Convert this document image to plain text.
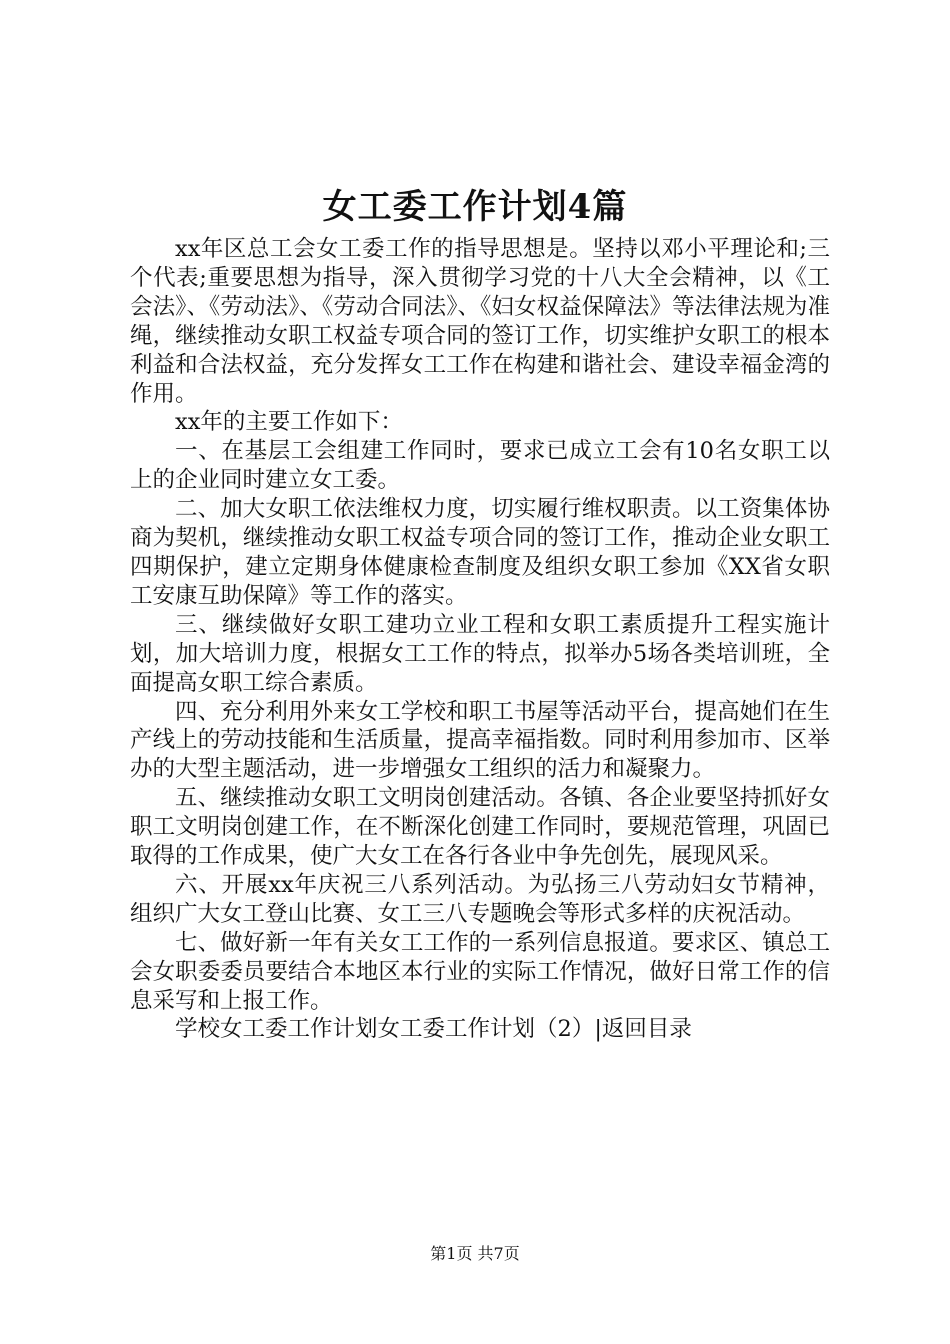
女工委工作计划4篇

xx年区总工会女工委工作的指导思想是。坚持以邓小平理论和;三个代表;重要思想为指导，深入贯彻学习党的十八大全会精神，以《工会法》、《劳动法》、《劳动合同法》、《妇女权益保障法》等法律法规为准绳，继续推动女职工权益专项合同的签订工作，切实维护女职工的根本利益和合法权益，充分发挥女工工作在构建和谐社会、建设幸福金湾的作用。

xx年的主要工作如下：

一、在基层工会组建工作同时，要求已成立工会有10名女职工以上的企业同时建立女工委。

二、加大女职工依法维权力度，切实履行维权职责。以工资集体协商为契机，继续推动女职工权益专项合同的签订工作，推动企业女职工四期保护，建立定期身体健康检查制度及组织女职工参加《XX省女职工安康互助保障》等工作的落实。

三、继续做好女职工建功立业工程和女职工素质提升工程实施计划，加大培训力度，根据女工工作的特点，拟举办5场各类培训班，全面提高女职工综合素质。

四、充分利用外来女工学校和职工书屋等活动平台，提高她们在生产线上的劳动技能和生活质量，提高幸福指数。同时利用参加市、区举办的大型主题活动，进一步增强女工组织的活力和凝聚力。

五、继续推动女职工文明岗创建活动。各镇、各企业要坚持抓好女职工文明岗创建工作，在不断深化创建工作同时，要规范管理，巩固已取得的工作成果，使广大女工在各行各业中争先创先，展现风采。

六、开展xx年庆祝三八系列活动。为弘扬三八劳动妇女节精神，组织广大女工登山比赛、女工三八专题晚会等形式多样的庆祝活动。

七、做好新一年有关女工工作的一系列信息报道。要求区、镇总工会女职委委员要结合本地区本行业的实际工作情况，做好日常工作的信息采写和上报工作。

学校女工委工作计划女工委工作计划（2）|返回目录

第1页 共7页
